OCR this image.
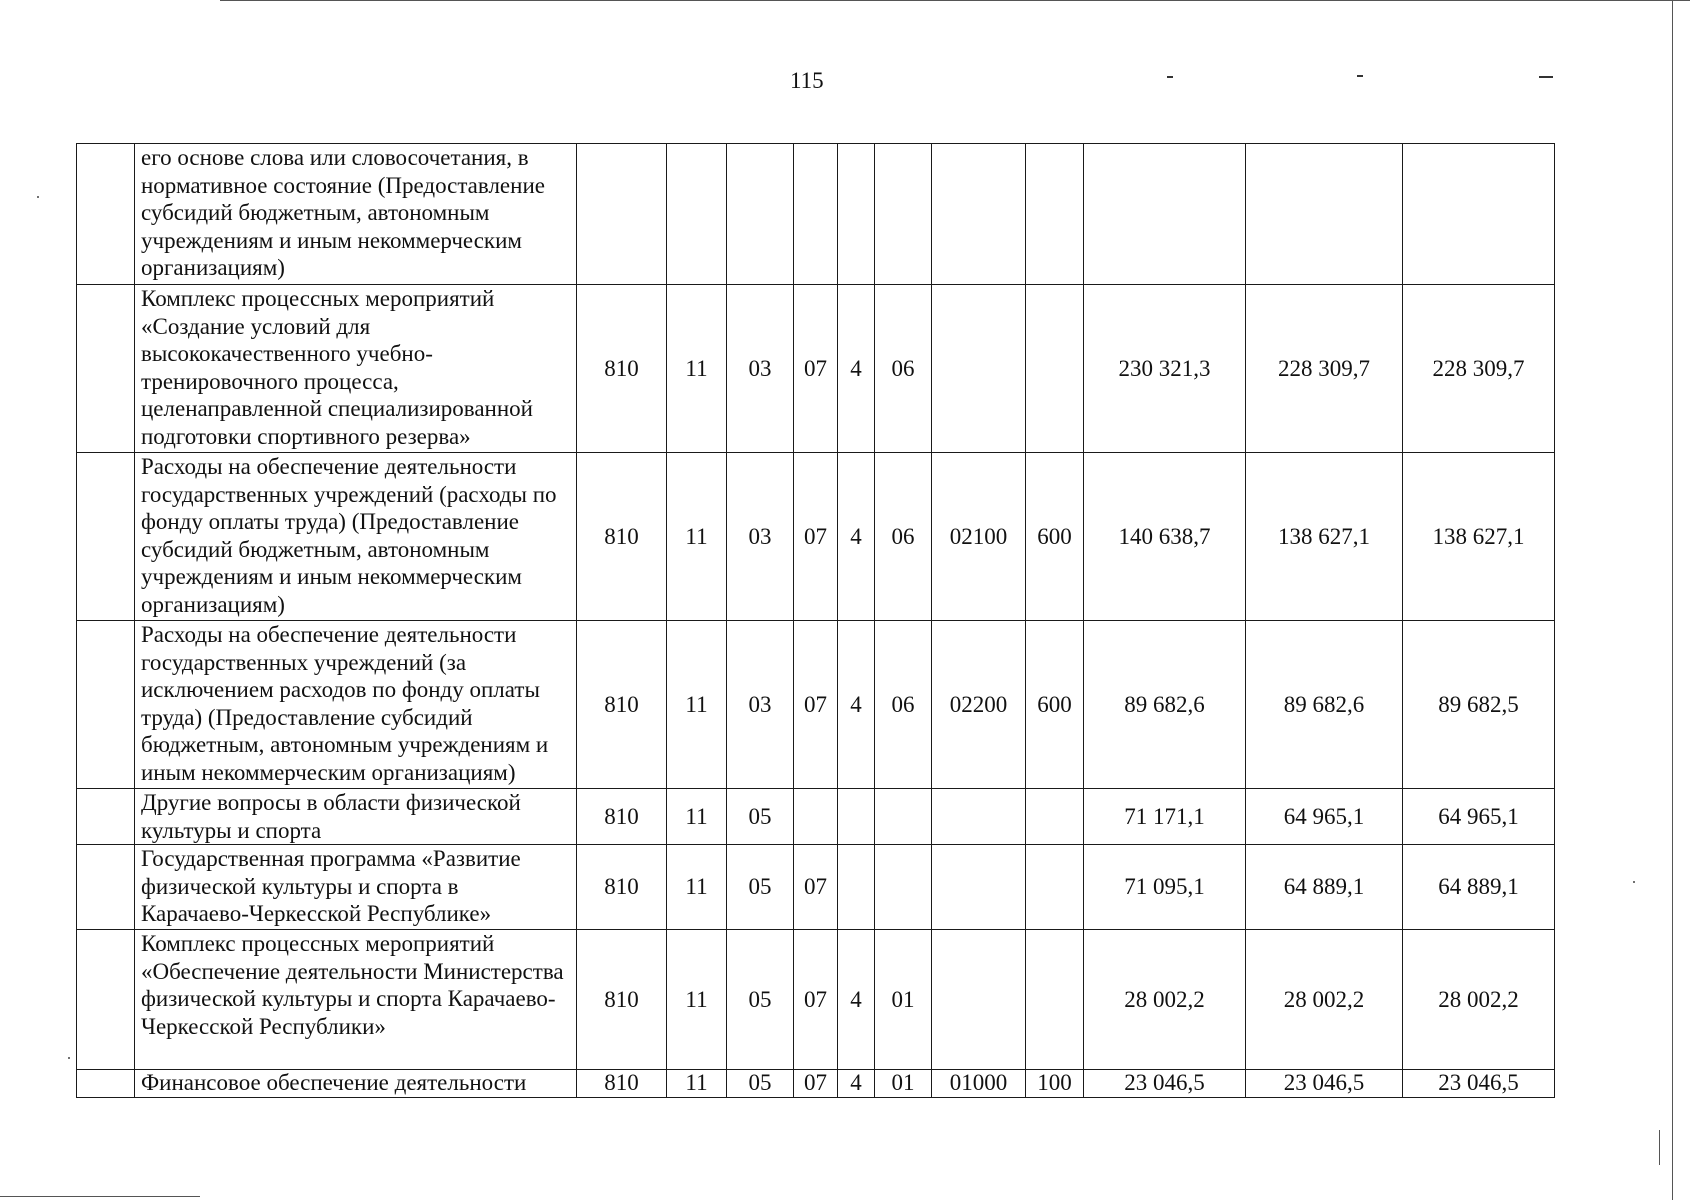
115
	его основе слова или словосочетания, в нормативное состояние (Предоставление субсидий бюджетным, автономным учреждениям и иным некоммерческим организациям)											
	Комплекс процессных мероприятий «Создание условий для высококачественного учебно-тренировочного процесса, целенаправленной специализированной подготовки спортивного резерва»	810	11	03	07	4	06			230 321,3	228 309,7	228 309,7
	Расходы на обеспечение деятельности государственных учреждений (расходы по фонду оплаты труда) (Предоставление субсидий бюджетным, автономным учреждениям и иным некоммерческим организациям)	810	11	03	07	4	06	02100	600	140 638,7	138 627,1	138 627,1
	Расходы на обеспечение деятельности государственных учреждений (за исключением расходов по фонду оплаты труда) (Предоставление субсидий бюджетным, автономным учреждениям и иным некоммерческим организациям)	810	11	03	07	4	06	02200	600	89 682,6	89 682,6	89 682,5
	Другие вопросы в области физической культуры и спорта	810	11	05						71 171,1	64 965,1	64 965,1
	Государственная программа «Развитие физической культуры и спорта в Карачаево-Черкесской Республике»	810	11	05	07					71 095,1	64 889,1	64 889,1
	Комплекс процессных мероприятий «Обеспечение деятельности Министерства физической культуры и спорта Карачаево-Черкесской Республики»	810	11	05	07	4	01			28 002,2	28 002,2	28 002,2
	Финансовое обеспечение деятельности	810	11	05	07	4	01	01000	100	23 046,5	23 046,5	23 046,5
